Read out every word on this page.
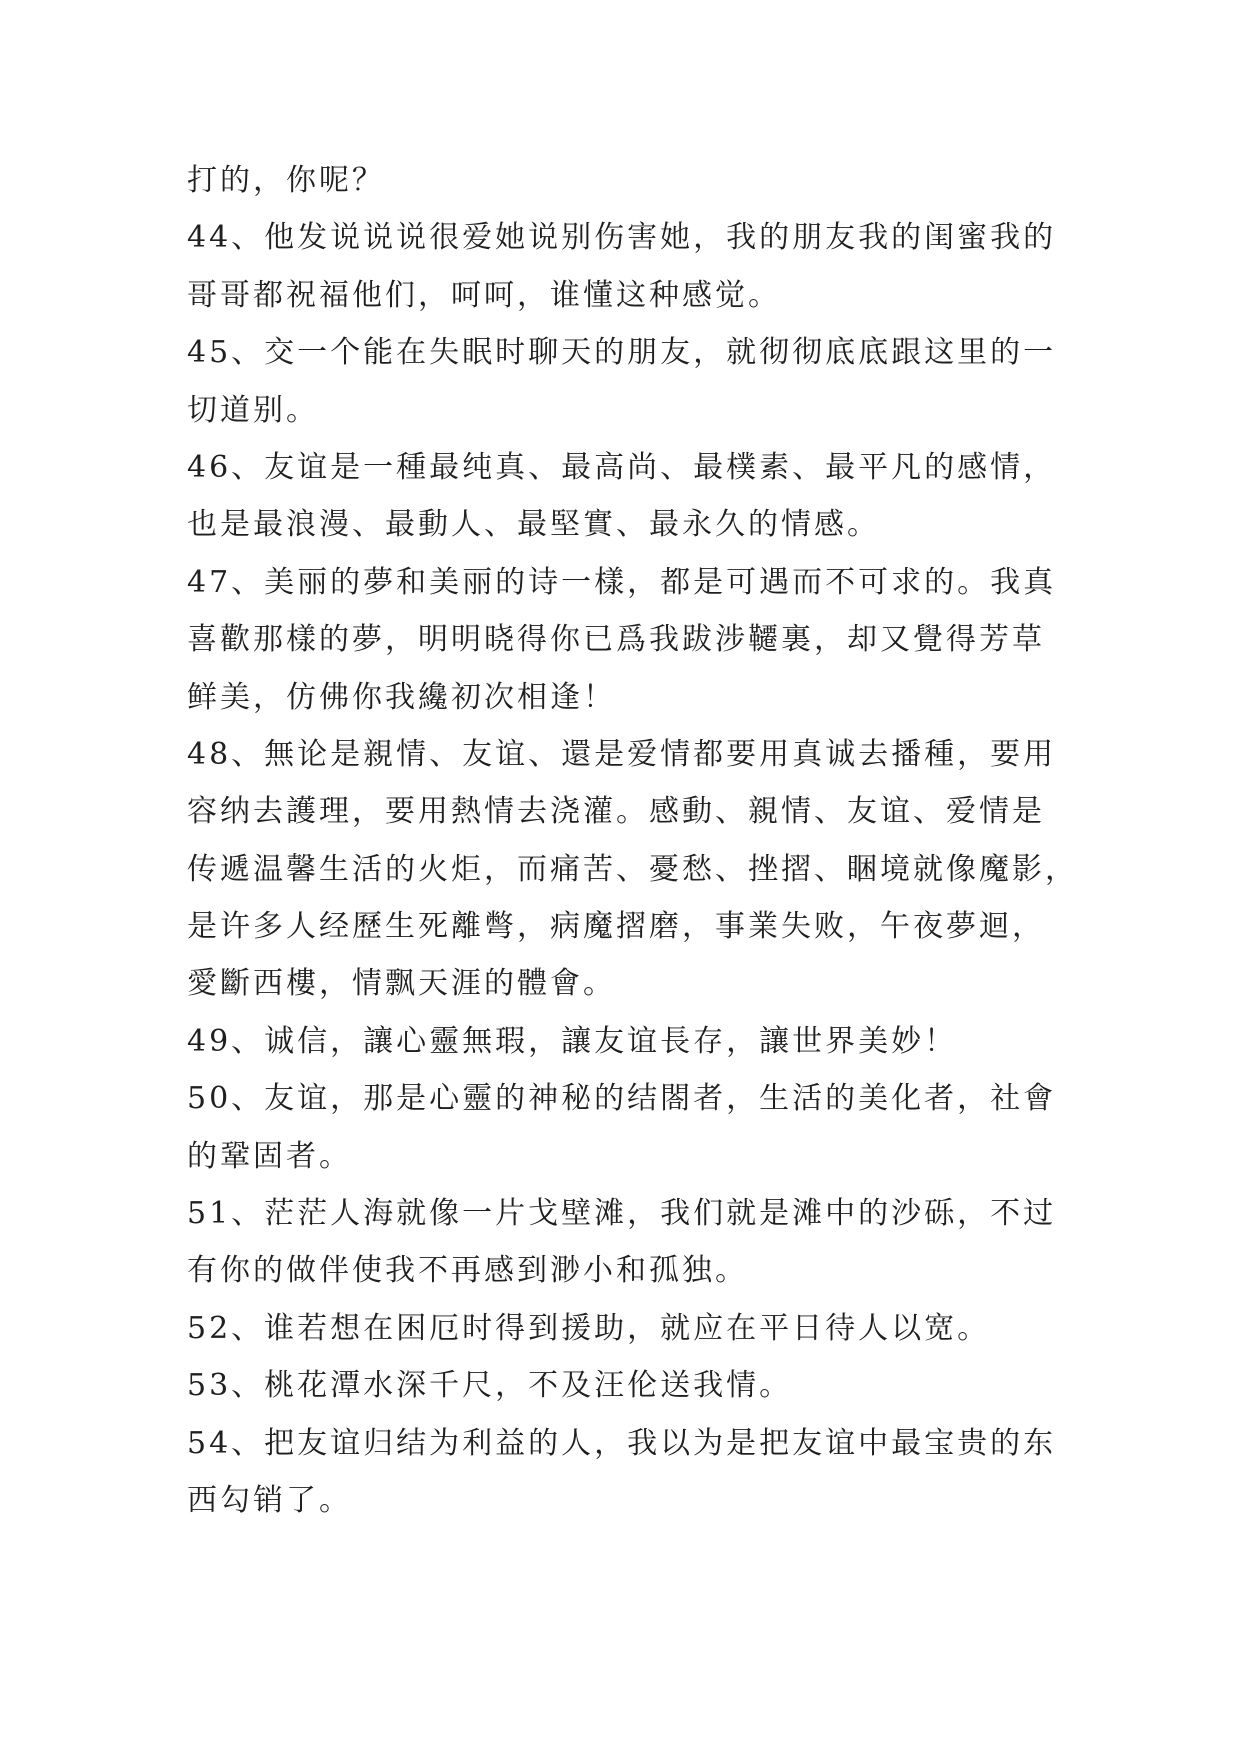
打的，你呢？
44、他发说说说很爱她说别伤害她，我的朋友我的闺蜜我的
哥哥都祝福他们，呵呵，谁懂这种感觉。
45、交一个能在失眠时聊天的朋友，就彻彻底底跟这里的一
切道别。
46、友谊是一種最纯真、最高尚、最樸素、最平凡的感情，
也是最浪漫、最動人、最堅實、最永久的情感。
47、美丽的夢和美丽的诗一樣，都是可遇而不可求的。我真
喜歡那樣的夢，明明晓得你已爲我跋涉韆裏，却又覺得芳草
鲜美，仿佛你我纔初次相逢！
48、無论是親情、友谊、還是爱情都要用真诚去播種，要用
容纳去護理，要用熱情去浇灌。感動、親情、友谊、爱情是
传遞温馨生活的火炬，而痛苦、憂愁、挫摺、睏境就像魔影，
是许多人经歷生死離彆，病魔摺磨，事業失败，午夜夢迴，
愛斷西樓，情飘天涯的體會。
49、诚信，讓心靈無瑕，讓友谊長存，讓世界美妙！
50、友谊，那是心靈的神秘的结閤者，生活的美化者，社會
的鞏固者。
51、茫茫人海就像一片戈壁滩，我们就是滩中的沙砾，不过
有你的做伴使我不再感到渺小和孤独。
52、谁若想在困厄时得到援助，就应在平日待人以宽。
53、桃花潭水深千尺，不及汪伦送我情。
54、把友谊归结为利益的人，我以为是把友谊中最宝贵的东
西勾销了。
